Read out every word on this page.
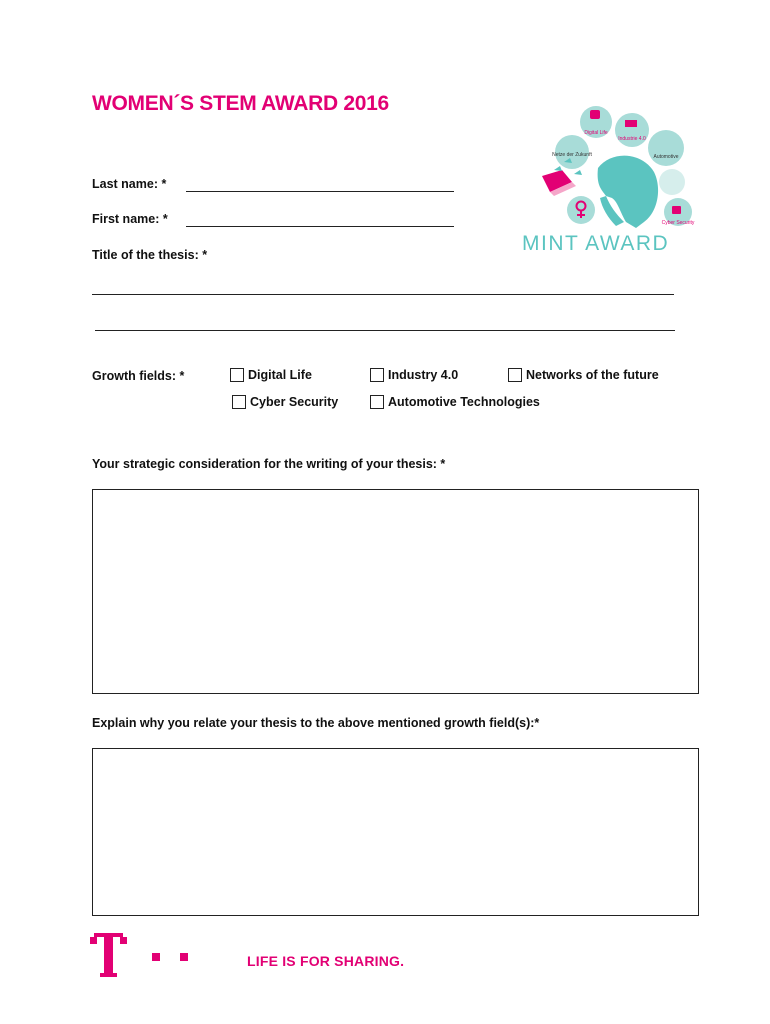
WOMEN´S STEM AWARD 2016
Digital Life
Industrie 4.0
Automotive
Netze der Zukunft
Cyber Security
MINT AWARD
Last name: *
First name: *
Title of the thesis: *
Growth fields: *	Digital Life	Industry 4.0	Networks of the future
Cyber Security	Automotive Technologies
Your strategic consideration for the writing of your thesis: *
Explain why you relate your thesis to the above mentioned growth field(s):*
LIFE IS FOR SHARING.
